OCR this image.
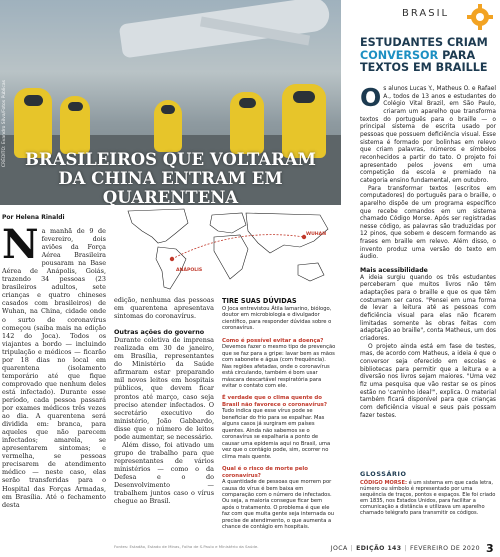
CRÉDITO: Evandro Silva/Fotos Públicas	BRASILEIROS QUE VOLTARAM
DA CHINA ENTRAM EM QUARENTENA
Por Helena Rinaldi
N a manhã de 9 de fevereiro, dois aviões da Força Aérea Brasileira pousaram na Base Aérea de Anápolis, Goiás, trazendo 34 pessoas (23 brasileiros adultos, sete crianças e quatro chineses casados com brasileiros) de Wuhan, na China, cidade onde o surto de coronavírus começou (saiba mais na edição 142 do Joca). Todos os viajantes a bordo — incluindo tripulação e médicos — ficarão por 18 dias no local em quarentena (isolamento temporário até que fique comprovado que nenhum deles está infectado). Durante esse período, cada pessoa passará por exames médicos três vezes ao dia. A quarentena será dividida em: branca, para aqueles que não parecem infectados; amarela, se apresentarem sintomas; e vermelha, se pessoas precisarem de atendimento médico — neste caso, elas serão transferidas para o Hospital das Forças Armadas, em Brasília. Até o fechamento desta

edição, nenhuma das pessoas em quarentena apresentava sintomas do coronavírus.

Outras ações do governo

Durante coletiva de imprensa realizada em 30 de janeiro, em Brasília, representantes do Ministério da Saúde afirmaram estar preparando mil novos leitos em hospitais públicos, que devem ficar prontos até março, caso seja preciso atender infectados. O secretário executivo do ministério, João Gabbardo, disse que o número de leitos pode aumentar, se necessário.

Além disso, foi ativado um grupo de trabalho para que representantes de vários ministérios — como o da Defesa e o do Desenvolvimento — trabalhem juntos caso o vírus chegue ao Brasil.

ANÁPOLIS
WUHAN
TIRE SUAS DÚVIDAS
O Joca entrevistou Átila Iamarino, biólogo, doutor em microbiologia e divulgador científico, para responder dúvidas sobre o coronavírus.
Como é possível evitar a doença?
Devemos fazer o mesmo tipo de prevenção que se faz para a gripe: lavar bem as mãos com sabonete e água (com frequência). Nas regiões afetadas, onde o coronavírus está circulando, também é bom usar máscara descartável respiratória para evitar o contato com ele.
É verdade que o clima quente do Brasil não favorece o coronavírus?
Tudo indica que esse vírus pode se beneficiar do frio para se espalhar. Mas alguns casos já surgiram em países quentes. Ainda não sabemos se o coronavírus se espalharia a ponto de causar uma epidemia aqui no Brasil, uma vez que o contágio pode, sim, ocorrer no clima mais quente.
Qual é o risco de morte pelo coronavírus?
A quantidade de pessoas que morrem por causa do vírus é bem baixa em comparação com o número de infectados. Ou seja, a maioria consegue ficar bem após o tratamento. O problema é que ele faz com que muita gente seja internada ou precise de atendimento, o que aumenta a chance de contágio em hospitais.
BRASIL
ESTUDANTES CRIAM
CONVERSOR PARA
TEXTOS EM BRAILLE

Os alunos Lucas Y., Matheus O. e Rafael A., todos de 13 anos e estudantes do Colégio Vital Brazil, em São Paulo, criaram um aparelho que transforma textos do português para o braille — o principal sistema de escrita usado por pessoas que possuem deficiência visual. Esse sistema é formado por bolinhas em relevo que criam palavras, números e símbolos reconhecidos a partir do tato. O projeto foi apresentado pelos jovens em uma competição da escola e premiado na categoria ensino fundamental, em outubro.

Para transformar textos (escritos em computadores) do português para o braille, o aparelho dispõe de um programa específico que recebe comandos em um sistema chamado Código Morse. Após ser registradas nesse código, as palavras são traduzidas por 12 pinos, que sobem e descem formando as frases em braille em relevo. Além disso, o invento produz uma versão do texto em áudio.

Mais acessibilidade

A ideia surgiu quando os três estudantes perceberam que muitos livros não têm adaptações para o braille e que os que têm costumam ser caros. "Pensei em uma forma de levar a leitura até as pessoas com deficiência visual para elas não ficarem limitadas somente às obras feitas com adaptação ao braille", conta Matheus, um dos criadores.

O projeto ainda está em fase de testes, mas, de acordo com Matheus, a ideia é que o conversor seja oferecido em escolas e bibliotecas para permitir que a leitura e a diversão nos livros sejam maiores. "Uma vez fiz uma pesquisa que vão restar se os pinos estão no 'caminho ideal'", explica. O material também ficará disponível para que crianças com deficiência visual e seus pais possam fazer testes.

GLOSSÁRIO

CÓDIGO MORSE: é um sistema em que cada letra, número ou símbolo é representado por uma sequência de traços, pontos e espaços. Ele foi criado em 1835, nos Estados Unidos, para facilitar a comunicação a distância e utilizava um aparelho chamado telégrafo para transmitir os códigos.

Fontes: Estadão, Estado de Minas, Folha de S.Paulo e Ministério da Saúde.	JOCA | EDIÇÃO 143 | FEVEREIRO DE 2020 3
